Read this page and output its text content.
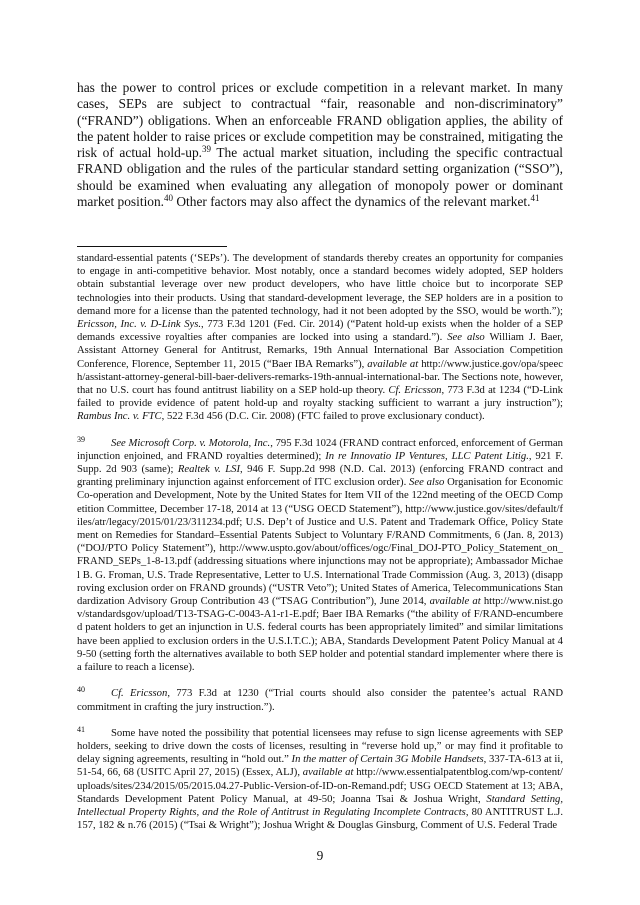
has the power to control prices or exclude competition in a relevant market. In many cases, SEPs are subject to contractual “fair, reasonable and non-discriminatory” (“FRAND”) obligations. When an enforceable FRAND obligation applies, the ability of the patent holder to raise prices or exclude competition may be constrained, mitigating the risk of actual hold-up.$^{39}$ The actual market situation, including the specific contractual FRAND obligation and the rules of the particular standard setting organization (“SSO”), should be examined when evaluating any allegation of monopoly power or dominant market position.$^{40}$ Other factors may also affect the dynamics of the relevant market.$^{41}$

standard-essential patents (‘SEPs’). The development of standards thereby creates an opportunity for companies to engage in anti-competitive behavior. Most notably, once a standard becomes widely adopted, SEP holders obtain substantial leverage over new product developers, who have little choice but to incorporate SEP technologies into their products. Using that standard-development leverage, the SEP holders are in a position to demand more for a license than the patented technology, had it not been adopted by the SSO, would be worth.”); Ericsson, Inc. v. D-Link Sys., 773 F.3d 1201 (Fed. Cir. 2014) (“Patent hold-up exists when the holder of a SEP demands excessive royalties after companies are locked into using a standard.”). See also William J. Baer, Assistant Attorney General for Antitrust, Remarks, 19th Annual International Bar Association Competition Conference, Florence, September 11, 2015 (“Baer IBA Remarks”), available at http://www.justice.gov/opa/speech/assistant-attorney-general-bill-baer-delivers-remarks-19th-annual-international-bar. The Sections note, however, that no U.S. court has found antitrust liability on a SEP hold-up theory. Cf. Ericsson, 773 F.3d at 1234 (“D-Link failed to provide evidence of patent hold-up and royalty stacking sufficient to warrant a jury instruction”); Rambus Inc. v. FTC, 522 F.3d 456 (D.C. Cir. 2008) (FTC failed to prove exclusionary conduct).

$^{39}$ See Microsoft Corp. v. Motorola, Inc., 795 F.3d 1024 (FRAND contract enforced, enforcement of German injunction enjoined, and FRAND royalties determined); In re Innovatio IP Ventures, LLC Patent Litig., 921 F. Supp. 2d 903 (same); Realtek v. LSI, 946 F. Supp.2d 998 (N.D. Cal. 2013) (enforcing FRAND contract and granting preliminary injunction against enforcement of ITC exclusion order). See also Organisation for Economic Co-operation and Development, Note by the United States for Item VII of the 122nd meeting of the OECD Competition Committee, December 17-18, 2014 at 13 (“USG OECD Statement”), http://www.justice.gov/sites/default/files/atr/legacy/2015/01/23/311234.pdf; U.S. Dep’t of Justice and U.S. Patent and Trademark Office, Policy Statement on Remedies for Standard–Essential Patents Subject to Voluntary F/RAND Commitments, 6 (Jan. 8, 2013) (“DOJ/PTO Policy Statement”), http://www.uspto.gov/about/offices/ogc/Final_DOJ-PTO_Policy_Statement_on_FRAND_SEPs_1-8-13.pdf (addressing situations where injunctions may not be appropriate); Ambassador Michael B. G. Froman, U.S. Trade Representative, Letter to U.S. International Trade Commission (Aug. 3, 2013) (disapproving exclusion order on FRAND grounds) (“USTR Veto”); United States of America, Telecommunications Standardization Advisory Group Contribution 43 (“TSAG Contribution”), June 2014, available at http://www.nist.gov/standardsgov/upload/T13-TSAG-C-0043-A1-r1-E.pdf; Baer IBA Remarks (“the ability of F/RAND-encumbered patent holders to get an injunction in U.S. federal courts has been appropriately limited” and similar limitations have been applied to exclusion orders in the U.S.I.T.C.); ABA, Standards Development Patent Policy Manual at 49-50 (setting forth the alternatives available to both SEP holder and potential standard implementer where there is a failure to reach a license).

$^{40}$ Cf. Ericsson, 773 F.3d at 1230 (“Trial courts should also consider the patentee’s actual RAND commitment in crafting the jury instruction.”).

$^{41}$ Some have noted the possibility that potential licensees may refuse to sign license agreements with SEP holders, seeking to drive down the costs of licenses, resulting in “reverse hold up,” or may find it profitable to delay signing agreements, resulting in “hold out.” In the matter of Certain 3G Mobile Handsets, 337-TA-613 at ii, 51-54, 66, 68 (USITC April 27, 2015) (Essex, ALJ), available at http://www.essentialpatentblog.com/wp-content/uploads/sites/234/2015/05/2015.04.27-Public-Version-of-ID-on-Remand.pdf; USG OECD Statement at 13; ABA, Standards Development Patent Policy Manual, at 49-50; Joanna Tsai & Joshua Wright, Standard Setting, Intellectual Property Rights, and the Role of Antitrust in Regulating Incomplete Contracts, 80 ANTITRUST L.J. 157, 182 & n.76 (2015) (“Tsai & Wright”); Joshua Wright & Douglas Ginsburg, Comment of U.S. Federal Trade

9
